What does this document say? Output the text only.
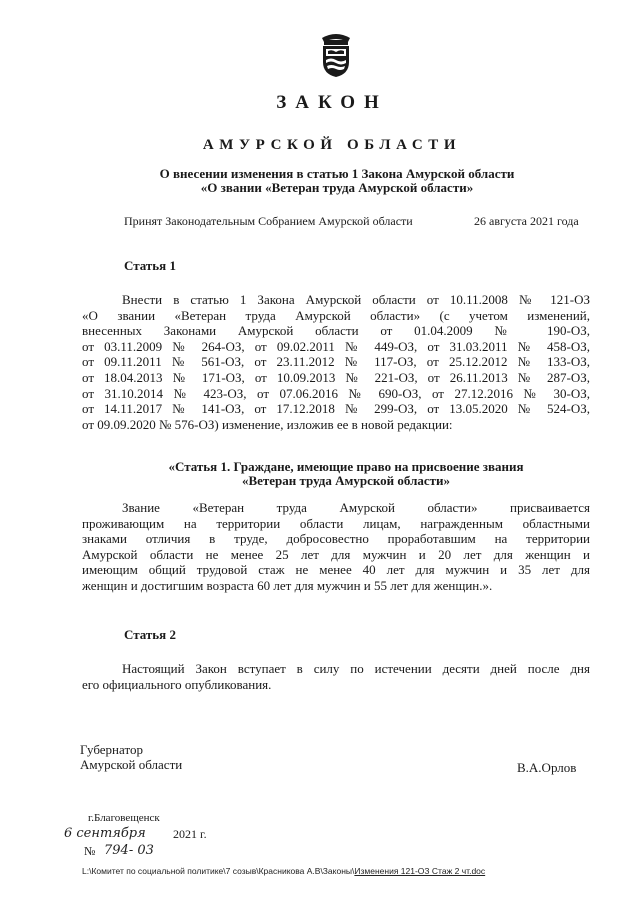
ЗАКОН
АМУРСКОЙ ОБЛАСТИ
О внесении изменения в статью 1 Закона Амурской области
«О звании «Ветеран труда Амурской области»
Принят Законодательным Собранием Амурской области	26 августа 2021 года
Статья 1
Внести в статью 1 Закона Амурской области от 10.11.2008 № 121-ОЗ
«О звании «Ветеран труда Амурской области» (с учетом изменений,
внесенных Законами Амурской области от 01.04.2009 № 190-ОЗ,
от 03.11.2009 № 264-ОЗ, от 09.02.2011 № 449-ОЗ, от 31.03.2011 № 458-ОЗ,
от 09.11.2011 № 561-ОЗ, от 23.11.2012 № 117-ОЗ, от 25.12.2012 № 133-ОЗ,
от 18.04.2013 № 171-ОЗ, от 10.09.2013 № 221-ОЗ, от 26.11.2013 № 287-ОЗ,
от 31.10.2014 № 423-ОЗ, от 07.06.2016 № 690-ОЗ, от 27.12.2016 № 30-ОЗ,
от 14.11.2017 № 141-ОЗ, от 17.12.2018 № 299-ОЗ, от 13.05.2020 № 524-ОЗ,
от 09.09.2020 № 576-ОЗ) изменение, изложив ее в новой редакции:
«Статья 1. Граждане, имеющие право на присвоение звания
«Ветеран труда Амурской области»
Звание «Ветеран труда Амурской области» присваивается
проживающим на территории области лицам, награжденным областными
знаками отличия в труде, добросовестно проработавшим на территории
Амурской области не менее 25 лет для мужчин и 20 лет для женщин и
имеющим общий трудовой стаж не менее 40 лет для мужчин и 35 лет для
женщин и достигшим возраста 60 лет для мужчин и 55 лет для женщин.».
Статья 2
Настоящий Закон вступает в силу по истечении десяти дней после дня
его официального опубликования.
Губернатор
Амурской области	В.А.Орлов
г.Благовещенск
6 сентября 2021 г.
№ 794- 03
L:\Комитет по социальной политике\7 созыв\Красникова А.В\Законы\Изменения 121-ОЗ Стаж 2 чт.doc
